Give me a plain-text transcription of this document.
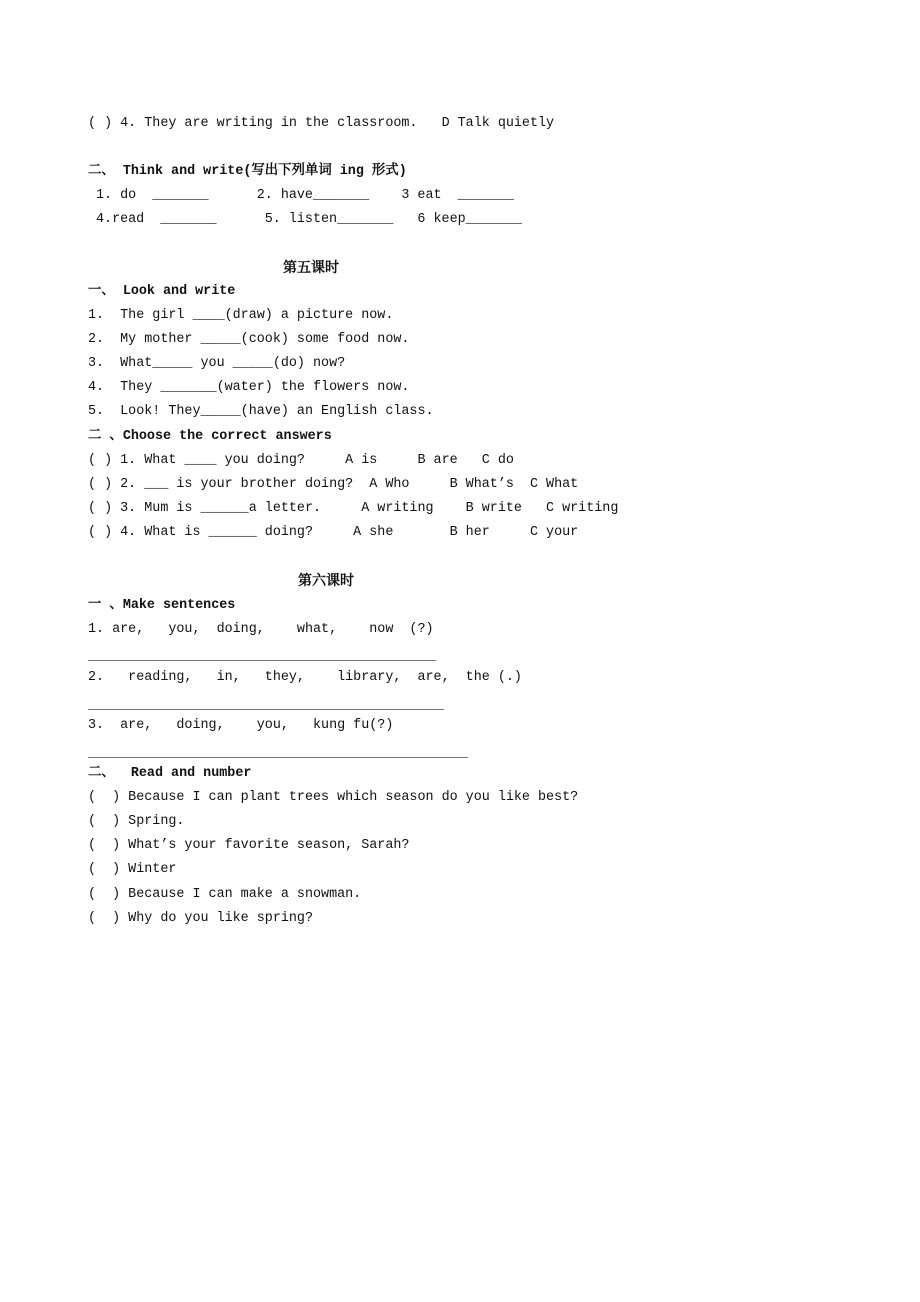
( ) 4. They are writing in the classroom.   D Talk quietly
二、 Think and write(写出下列单词 ing 形式)
1. do  _______      2. have_______    3 eat  _______
4.read  _______      5. listen_______   6 keep_______
第五课时
一、 Look and write
1.  The girl ____(draw) a picture now.
2.  My mother _____(cook) some food now.
3.  What_____ you _____(do) now?
4.  They _______(water) the flowers now.
5.  Look! They_____(have) an English class.
二 、Choose the correct answers
( ) 1. What ____ you doing?     A is     B are   C do
( ) 2. ___ is your brother doing?  A Who     B What’s  C What
( ) 3. Mum is ______a letter.     A writing    B write   C writing
( ) 4. What is ______ doing?     A she       B her     C your
第六课时
一 、Make sentences
1. are,   you,  doing,    what,    now  (?)
2.   reading,   in,   they,    library,  are,  the (.)
3.  are,   doing,    you,   kung fu(?)
二、  Read and number
(  ) Because I can plant trees which season do you like best?
(  ) Spring.
(  ) What’s your favorite season, Sarah?
(  ) Winter
(  ) Because I can make a snowman.
(  ) Why do you like spring?
